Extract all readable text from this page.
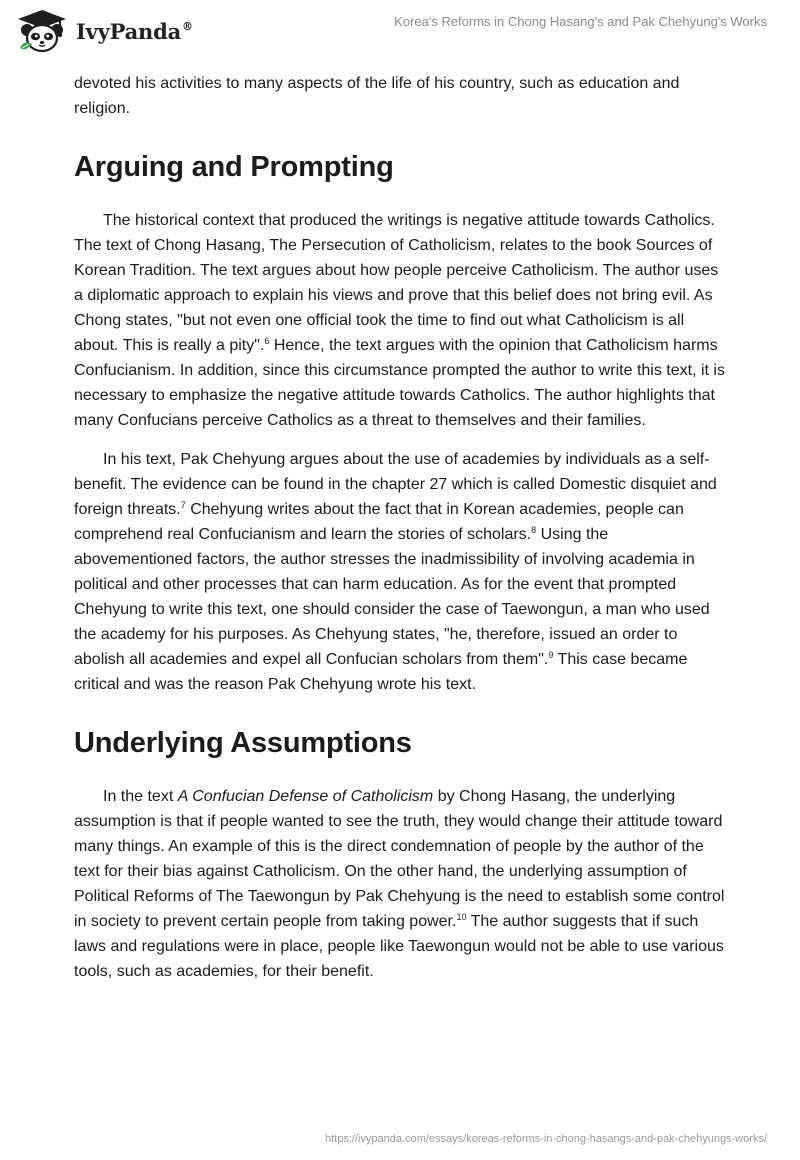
IvyPanda®	Korea's Reforms in Chong Hasang's and Pak Chehyung's Works

devoted his activities to many aspects of the life of his country, such as education and religion.

Arguing and Prompting

The historical context that produced the writings is negative attitude towards Catholics. The text of Chong Hasang, The Persecution of Catholicism, relates to the book Sources of Korean Tradition. The text argues about how people perceive Catholicism. The author uses a diplomatic approach to explain his views and prove that this belief does not bring evil. As Chong states, "but not even one official took the time to find out what Catholicism is all about. This is really a pity".$^6$ Hence, the text argues with the opinion that Catholicism harms Confucianism. In addition, since this circumstance prompted the author to write this text, it is necessary to emphasize the negative attitude towards Catholics. The author highlights that many Confucians perceive Catholics as a threat to themselves and their families.

In his text, Pak Chehyung argues about the use of academies by individuals as a self-benefit. The evidence can be found in the chapter 27 which is called Domestic disquiet and foreign threats.$^7$ Chehyung writes about the fact that in Korean academies, people can comprehend real Confucianism and learn the stories of scholars.$^8$ Using the abovementioned factors, the author stresses the inadmissibility of involving academia in political and other processes that can harm education. As for the event that prompted Chehyung to write this text, one should consider the case of Taewongun, a man who used the academy for his purposes. As Chehyung states, "he, therefore, issued an order to abolish all academies and expel all Confucian scholars from them".$^9$ This case became critical and was the reason Pak Chehyung wrote his text.

Underlying Assumptions

In the text A Confucian Defense of Catholicism by Chong Hasang, the underlying assumption is that if people wanted to see the truth, they would change their attitude toward many things. An example of this is the direct condemnation of people by the author of the text for their bias against Catholicism. On the other hand, the underlying assumption of Political Reforms of The Taewongun by Pak Chehyung is the need to establish some control in society to prevent certain people from taking power.$^{10}$ The author suggests that if such laws and regulations were in place, people like Taewongun would not be able to use various tools, such as academies, for their benefit.

https://ivypanda.com/essays/koreas-reforms-in-chong-hasangs-and-pak-chehyungs-works/
